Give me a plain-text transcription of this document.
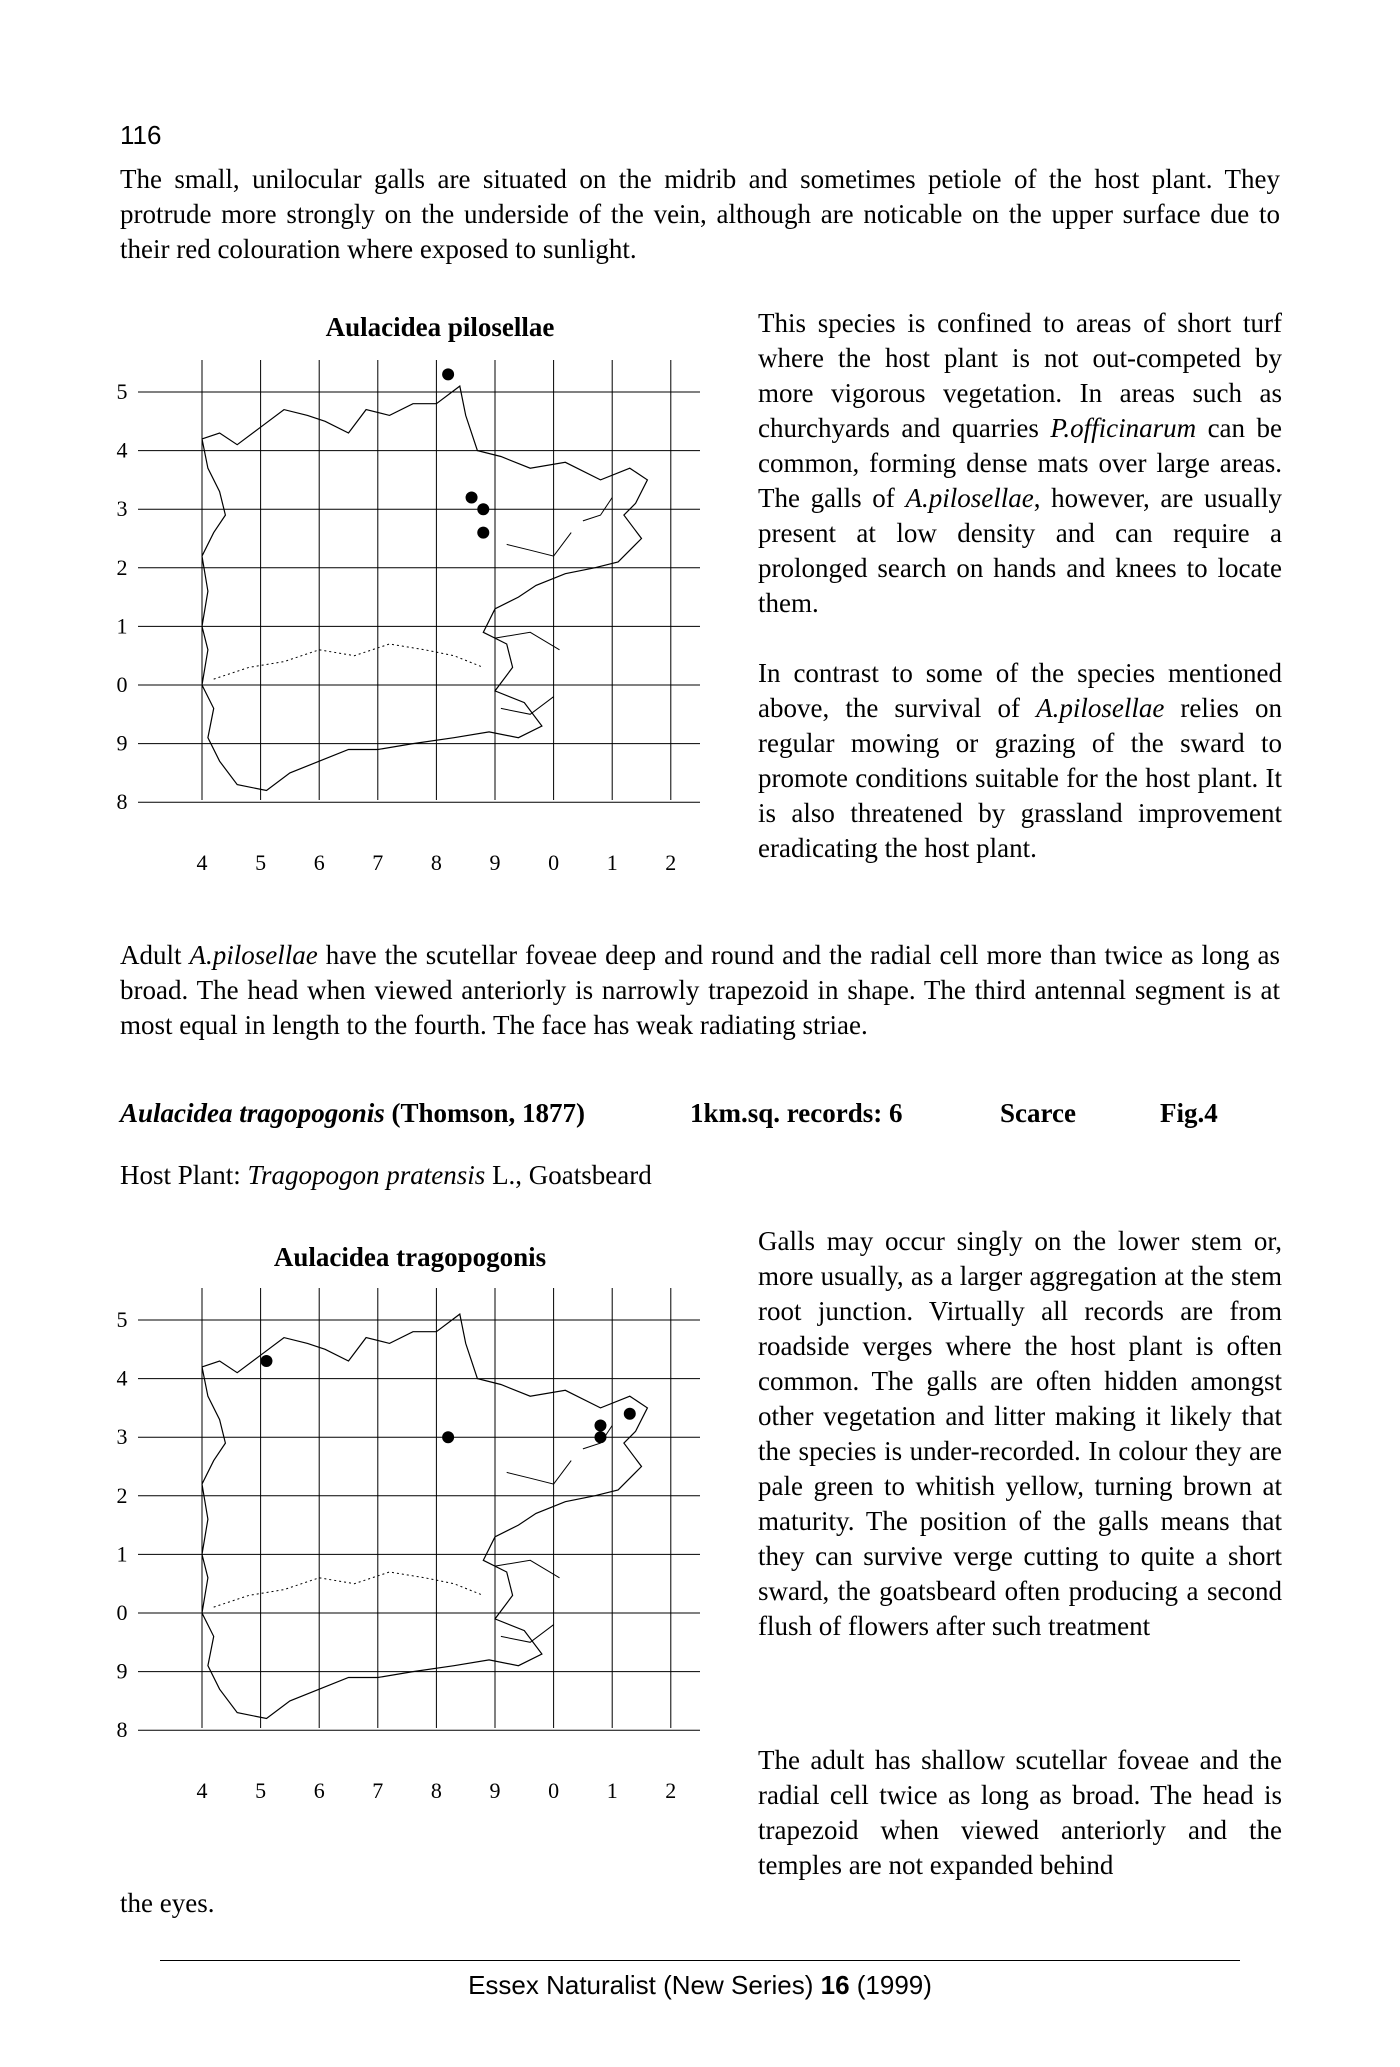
116
The small, unilocular galls are situated on the midrib and sometimes petiole of the host plant. They protrude more strongly on the underside of the vein, although are noticable on the upper surface due to their red colouration where exposed to sunlight.
Aulacidea pilosellae
4 5 6 7 8 9 0 1 2
5
4
3
2
1
0
9
8
This species is confined to areas of short turf where the host plant is not out-competed by more vigorous vegetation. In areas such as churchyards and quarries P.officinarum can be common, forming dense mats over large areas. The galls of A.pilosellae, however, are usually present at low density and can require a prolonged search on hands and knees to locate them.
In contrast to some of the species mentioned above, the survival of A.pilosellae relies on regular mowing or grazing of the sward to promote conditions suitable for the host plant. It is also threatened by grassland improvement eradicating the host plant.
Adult A.pilosellae have the scutellar foveae deep and round and the radial cell more than twice as long as broad. The head when viewed anteriorly is narrowly trapezoid in shape. The third antennal segment is at most equal in length to the fourth. The face has weak radiating striae.
Aulacidea tragopogonis (Thomson, 1877)	1km.sq. records: 6	Scarce	Fig.4
Host Plant: Tragopogon pratensis L., Goatsbeard
Aulacidea tragopogonis
4 5 6 7 8 9 0 1 2
5
4
3
2
1
0
9
8
Galls may occur singly on the lower stem or, more usually, as a larger aggregation at the stem root junction. Virtually all records are from roadside verges where the host plant is often common. The galls are often hidden amongst other vegetation and litter making it likely that the species is under-recorded. In colour they are pale green to whitish yellow, turning brown at maturity. The position of the galls means that they can survive verge cutting to quite a short sward, the goatsbeard often producing a second flush of flowers after such treatment
The adult has shallow scutellar foveae and the radial cell twice as long as broad. The head is trapezoid when viewed anteriorly and the temples are not expanded behind
the eyes.
Essex Naturalist (New Series) 16 (1999)
